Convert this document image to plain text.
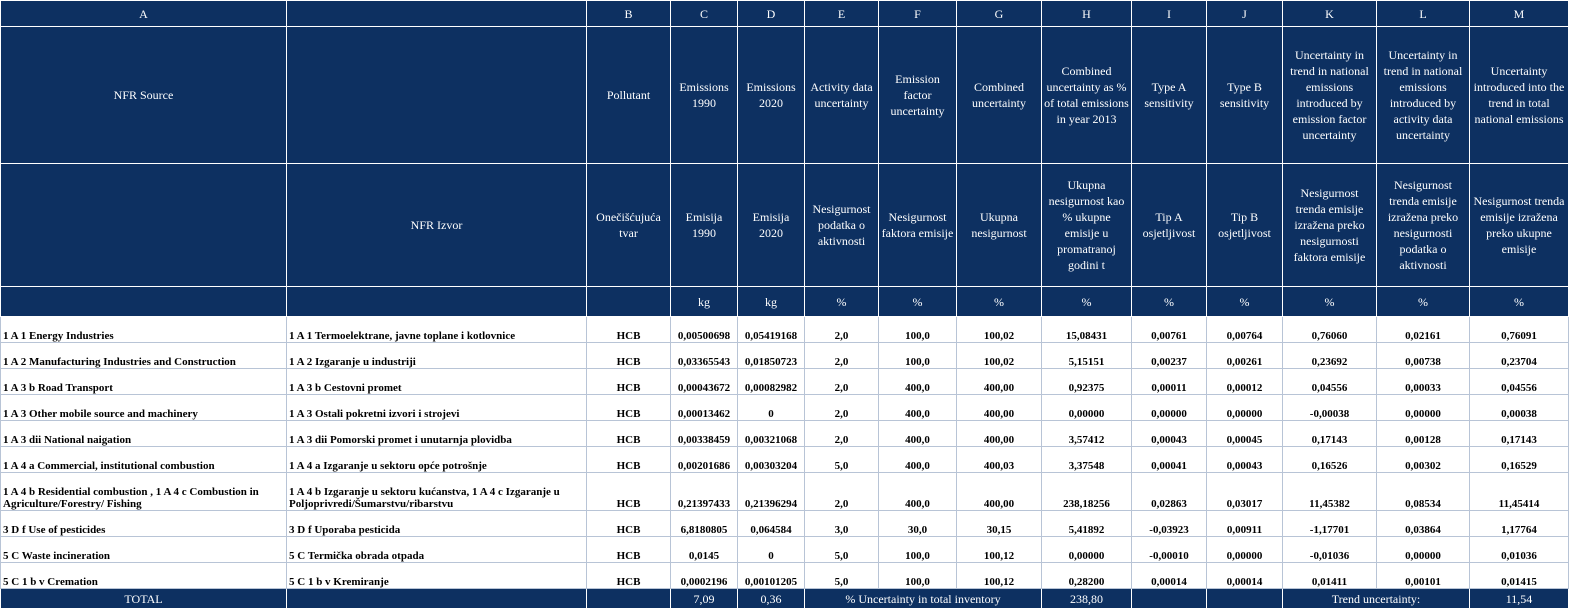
A		B	C	D	E	F	G	H	I	J	K	L	M
NFR Source		Pollutant	Emissions 1990	Emissions 2020	Activity data uncertainty	Emission factor uncertainty	Combined uncertainty	Combined uncertainty as % of total emissions in year 2013	Type A sensitivity	Type B sensitivity	Uncertainty in trend in national emissions introduced by emission factor uncertainty	Uncertainty in trend in national emissions introduced by activity data uncertainty	Uncertainty introduced into the trend in total national emissions
	NFR Izvor	Onečišćujuća tvar	Emisija 1990	Emisija 2020	Nesigurnost podatka o aktivnosti	Nesigurnost faktora emisije	Ukupna nesigurnost	Ukupna nesigurnost kao % ukupne emisije u promatranoj godini t	Tip A osjetljivost	Tip B osjetljivost	Nesigurnost trenda emisije izražena preko nesigurnosti faktora emisije	Nesigurnost trenda emisije izražena preko nesigurnosti podatka o aktivnosti	Nesigurnost trenda emisije izražena preko ukupne emisije
			kg	kg	%	%	%	%	%	%	%	%	%
1 A 1 Energy Industries	1 A 1 Termoelektrane, javne toplane i kotlovnice	HCB	0,00500698	0,05419168	2,0	100,0	100,02	15,08431	0,00761	0,00764	0,76060	0,02161	0,76091
1 A 2 Manufacturing Industries and Construction	1 A 2 Izgaranje u industriji	HCB	0,03365543	0,01850723	2,0	100,0	100,02	5,15151	0,00237	0,00261	0,23692	0,00738	0,23704
1 A 3 b Road Transport	1 A 3 b Cestovni promet	HCB	0,00043672	0,00082982	2,0	400,0	400,00	0,92375	0,00011	0,00012	0,04556	0,00033	0,04556
1 A 3 Other mobile source and machinery	1 A 3 Ostali pokretni izvori i strojevi	HCB	0,00013462	0	2,0	400,0	400,00	0,00000	0,00000	0,00000	-0,00038	0,00000	0,00038
1 A 3 dii National naigation	1 A 3 dii Pomorski promet i unutarnja plovidba	HCB	0,00338459	0,00321068	2,0	400,0	400,00	3,57412	0,00043	0,00045	0,17143	0,00128	0,17143
1 A 4 a Commercial, institutional combustion	1 A 4 a Izgaranje u sektoru opće potrošnje	HCB	0,00201686	0,00303204	5,0	400,0	400,03	3,37548	0,00041	0,00043	0,16526	0,00302	0,16529
1 A 4 b Residential combustion , 1 A 4 c Combustion in Agriculture/Forestry/ Fishing	1 A 4 b Izgaranje u sektoru kućanstva, 1 A 4 c Izgaranje u Poljoprivredi/Šumarstvu/ribarstvu	HCB	0,21397433	0,21396294	2,0	400,0	400,00	238,18256	0,02863	0,03017	11,45382	0,08534	11,45414
3 D f Use of pesticides	3 D f Uporaba pesticida	HCB	6,8180805	0,064584	3,0	30,0	30,15	5,41892	-0,03923	0,00911	-1,17701	0,03864	1,17764
5 C Waste incineration	5 C Termička obrada otpada	HCB	0,0145	0	5,0	100,0	100,12	0,00000	-0,00010	0,00000	-0,01036	0,00000	0,01036
5 C 1 b v Cremation	5 C 1 b v Kremiranje	HCB	0,0002196	0,00101205	5,0	100,0	100,12	0,28200	0,00014	0,00014	0,01411	0,00101	0,01415
TOTAL			7,09	0,36	% Uncertainty in total inventory			238,80			Trend uncertainty:		11,54
